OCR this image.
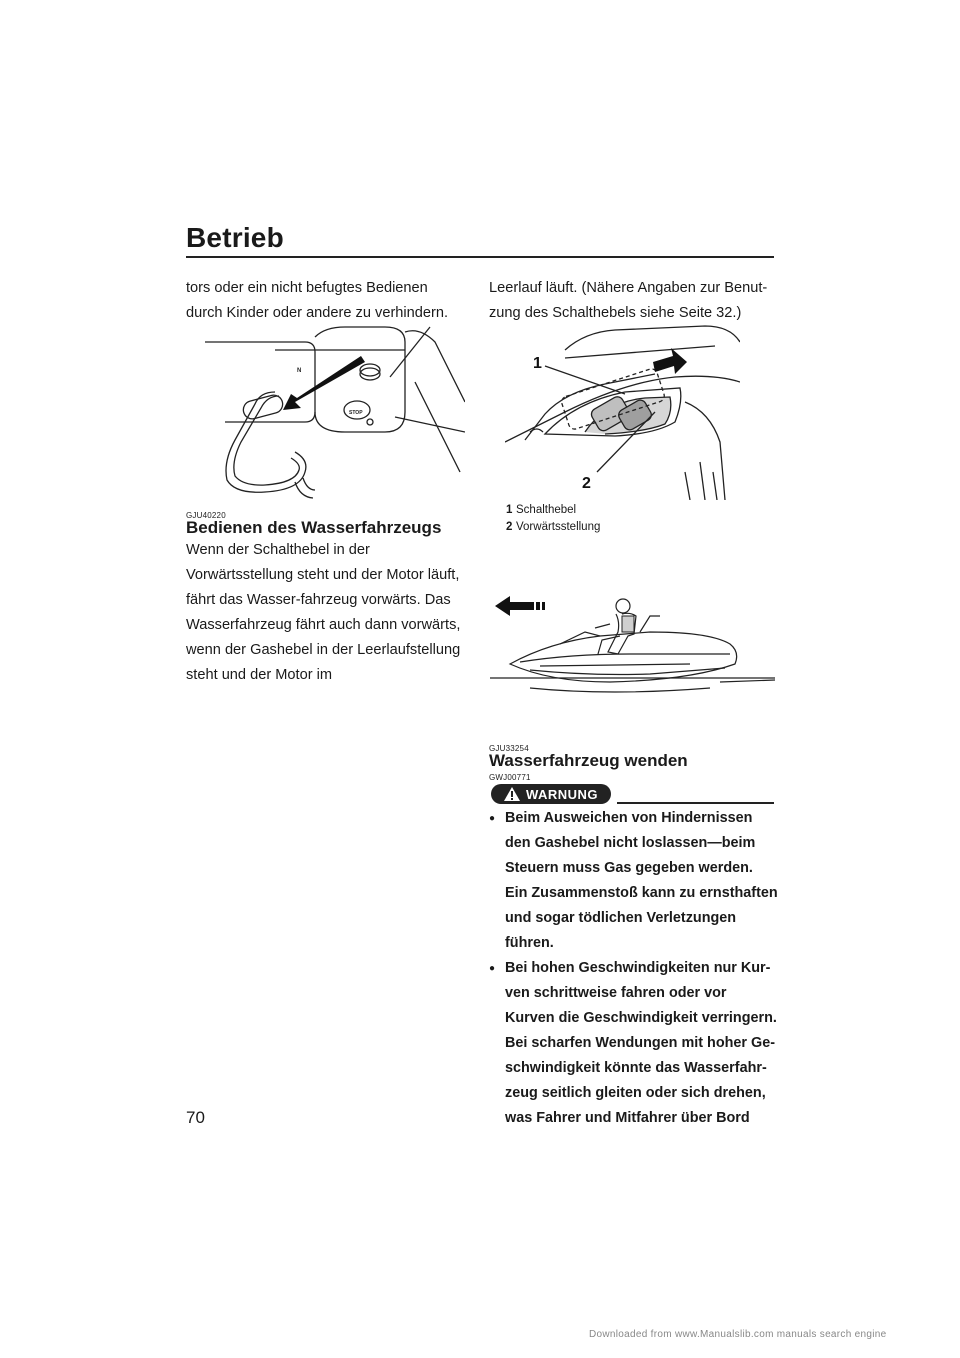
Betrieb
tors oder ein nicht befugtes Bedienen durch Kinder oder andere zu verhindern.
STOP
N
GJU40220
Bedienen des Wasserfahrzeugs
Wenn der Schalthebel in der Vorwärtsstellung steht und der Motor läuft, fährt das Wasser-fahrzeug vorwärts. Das Wasserfahrzeug fährt auch dann vorwärts, wenn der Gashebel in der Leerlaufstellung steht und der Motor im
Leerlauf läuft. (Nähere Angaben zur Benut-zung des Schalthebels siehe Seite 32.)
1
2
1 Schalthebel
2 Vorwärtsstellung
GJU33254
Wasserfahrzeug wenden
GWJ00771
WARNUNG
● Beim Ausweichen von Hindernissen den Gashebel nicht loslassen—beim Steuern muss Gas gegeben werden. Ein Zusammenstoß kann zu ernsthaften und sogar tödlichen Verletzungen führen.
● Bei hohen Geschwindigkeiten nur Kur-ven schrittweise fahren oder vor Kurven die Geschwindigkeit verringern. Bei scharfen Wendungen mit hoher Ge-schwindigkeit könnte das Wasserfahr-zeug seitlich gleiten oder sich drehen, was Fahrer und Mitfahrer über Bord
70
Downloaded from www.Manualslib.com manuals search engine
